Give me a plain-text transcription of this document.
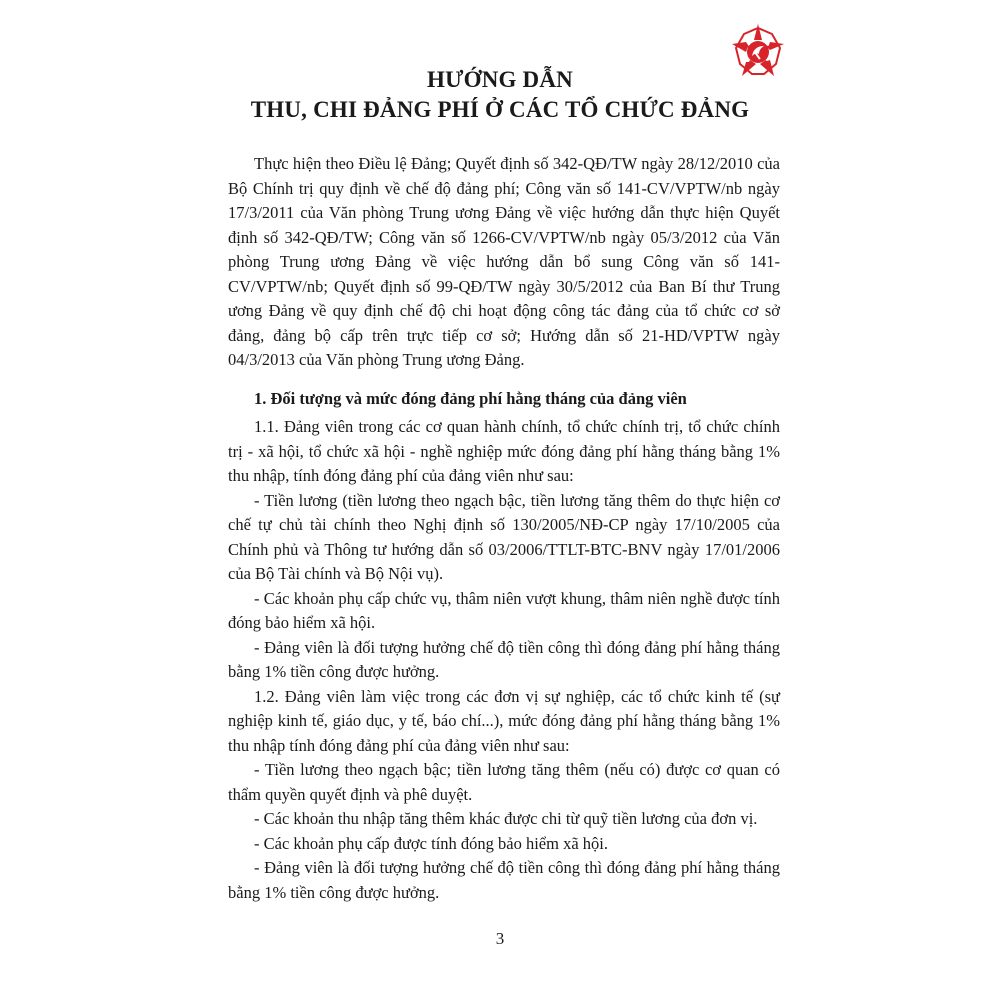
HƯỚNG DẪN
THU, CHI ĐẢNG PHÍ Ở CÁC TỔ CHỨC ĐẢNG

Thực hiện theo Điều lệ Đảng; Quyết định số 342-QĐ/TW ngày 28/12/2010 của Bộ Chính trị quy định về chế độ đảng phí; Công văn số 141-CV/VPTW/nb ngày 17/3/2011 của Văn phòng Trung ương Đảng về việc hướng dẫn thực hiện Quyết định số 342-QĐ/TW; Công văn số 1266-CV/VPTW/nb ngày 05/3/2012 của Văn phòng Trung ương Đảng về việc hướng dẫn bổ sung Công văn số 141-CV/VPTW/nb; Quyết định số 99-QĐ/TW ngày 30/5/2012 của Ban Bí thư Trung ương Đảng về quy định chế độ chi hoạt động công tác đảng của tổ chức cơ sở đảng, đảng bộ cấp trên trực tiếp cơ sở; Hướng dẫn số 21-HD/VPTW ngày 04/3/2013 của Văn phòng Trung ương Đảng.

1. Đối tượng và mức đóng đảng phí hằng tháng của đảng viên

1.1. Đảng viên trong các cơ quan hành chính, tổ chức chính trị, tổ chức chính trị - xã hội, tổ chức xã hội - nghề nghiệp mức đóng đảng phí hằng tháng bằng 1% thu nhập, tính đóng đảng phí của đảng viên như sau:

- Tiền lương (tiền lương theo ngạch bậc, tiền lương tăng thêm do thực hiện cơ chế tự chủ tài chính theo Nghị định số 130/2005/NĐ-CP ngày 17/10/2005 của Chính phủ và Thông tư hướng dẫn số 03/2006/TTLT-BTC-BNV ngày 17/01/2006 của Bộ Tài chính và Bộ Nội vụ).

- Các khoản phụ cấp chức vụ, thâm niên vượt khung, thâm niên nghề được tính đóng bảo hiểm xã hội.

- Đảng viên là đối tượng hưởng chế độ tiền công thì đóng đảng phí hằng tháng bằng 1% tiền công được hưởng.

1.2. Đảng viên làm việc trong các đơn vị sự nghiệp, các tổ chức kinh tế (sự nghiệp kinh tế, giáo dục, y tế, báo chí...), mức đóng đảng phí hằng tháng bằng 1% thu nhập tính đóng đảng phí của đảng viên như sau:

- Tiền lương theo ngạch bậc; tiền lương tăng thêm (nếu có) được cơ quan có thẩm quyền quyết định và phê duyệt.

- Các khoản thu nhập tăng thêm khác được chi từ quỹ tiền lương của đơn vị.

- Các khoản phụ cấp được tính đóng bảo hiểm xã hội.

- Đảng viên là đối tượng hưởng chế độ tiền công thì đóng đảng phí hằng tháng bằng 1% tiền công được hưởng.

3
